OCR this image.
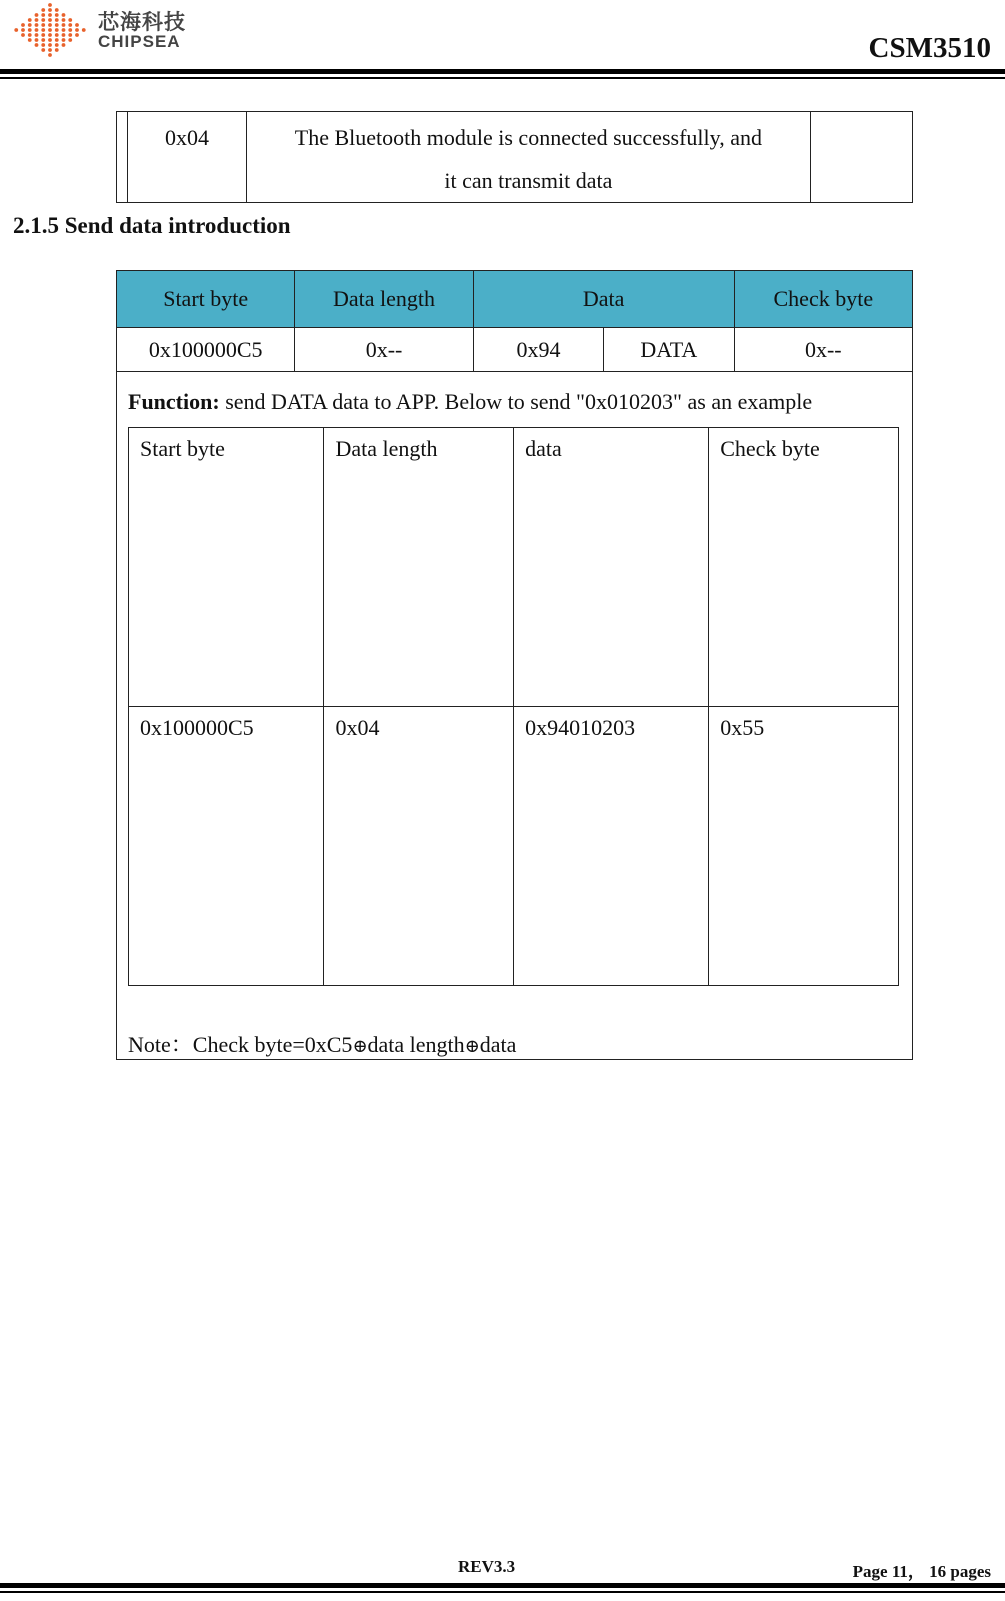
芯海科技
CHIPSEA	CSM3510
	0x04	The Bluetooth module is connected successfully, and
it can transmit data

2.1.5 Send data introduction
Start byte	Data length	Data	Check byte
0x100000C5	0x--	0x94	DATA	0x--

Function: send DATA data to APP. Below to send "0x010203" as an example
Start byte	Data length	data	Check byte
0x100000C5	0x04	0x94010203	0x55
Note：Check byte=0xC5⊕data length⊕data
REV3.3	Page 11， 16 pages
